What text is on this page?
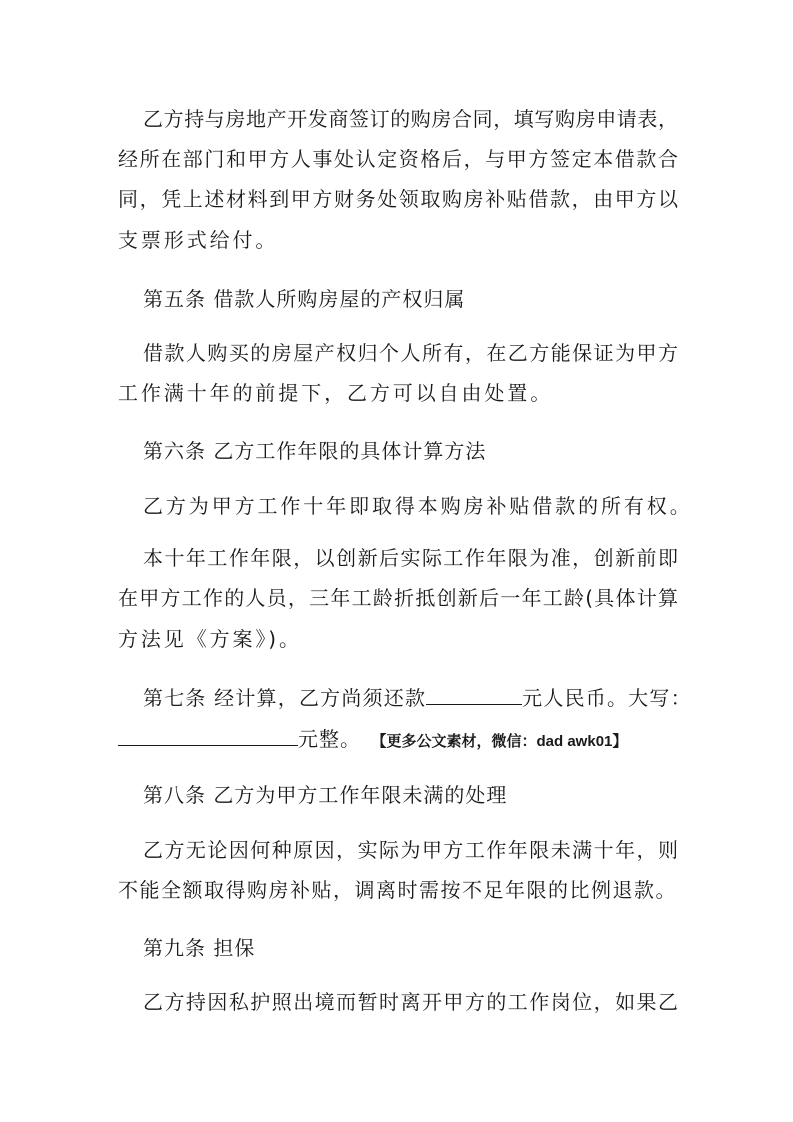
乙方持与房地产开发商签订的购房合同，填写购房申请表，
经所在部门和甲方人事处认定资格后，与甲方签定本借款合
同，凭上述材料到甲方财务处领取购房补贴借款，由甲方以
支票形式给付。
第五条 借款人所购房屋的产权归属
借款人购买的房屋产权归个人所有，在乙方能保证为甲方
工作满十年的前提下，乙方可以自由处置。
第六条 乙方工作年限的具体计算方法
乙方为甲方工作十年即取得本购房补贴借款的所有权。
本十年工作年限，以创新后实际工作年限为准，创新前即
在甲方工作的人员，三年工龄折抵创新后一年工龄(具体计算
方法见《方案》)。
第七条 经计算，乙方尚须还款	元人民币。大写：
元整。 【更多公文素材，微信：dad awk01】
第八条 乙方为甲方工作年限未满的处理
乙方无论因何种原因，实际为甲方工作年限未满十年，则
不能全额取得购房补贴，调离时需按不足年限的比例退款。
第九条 担保
乙方持因私护照出境而暂时离开甲方的工作岗位，如果乙
